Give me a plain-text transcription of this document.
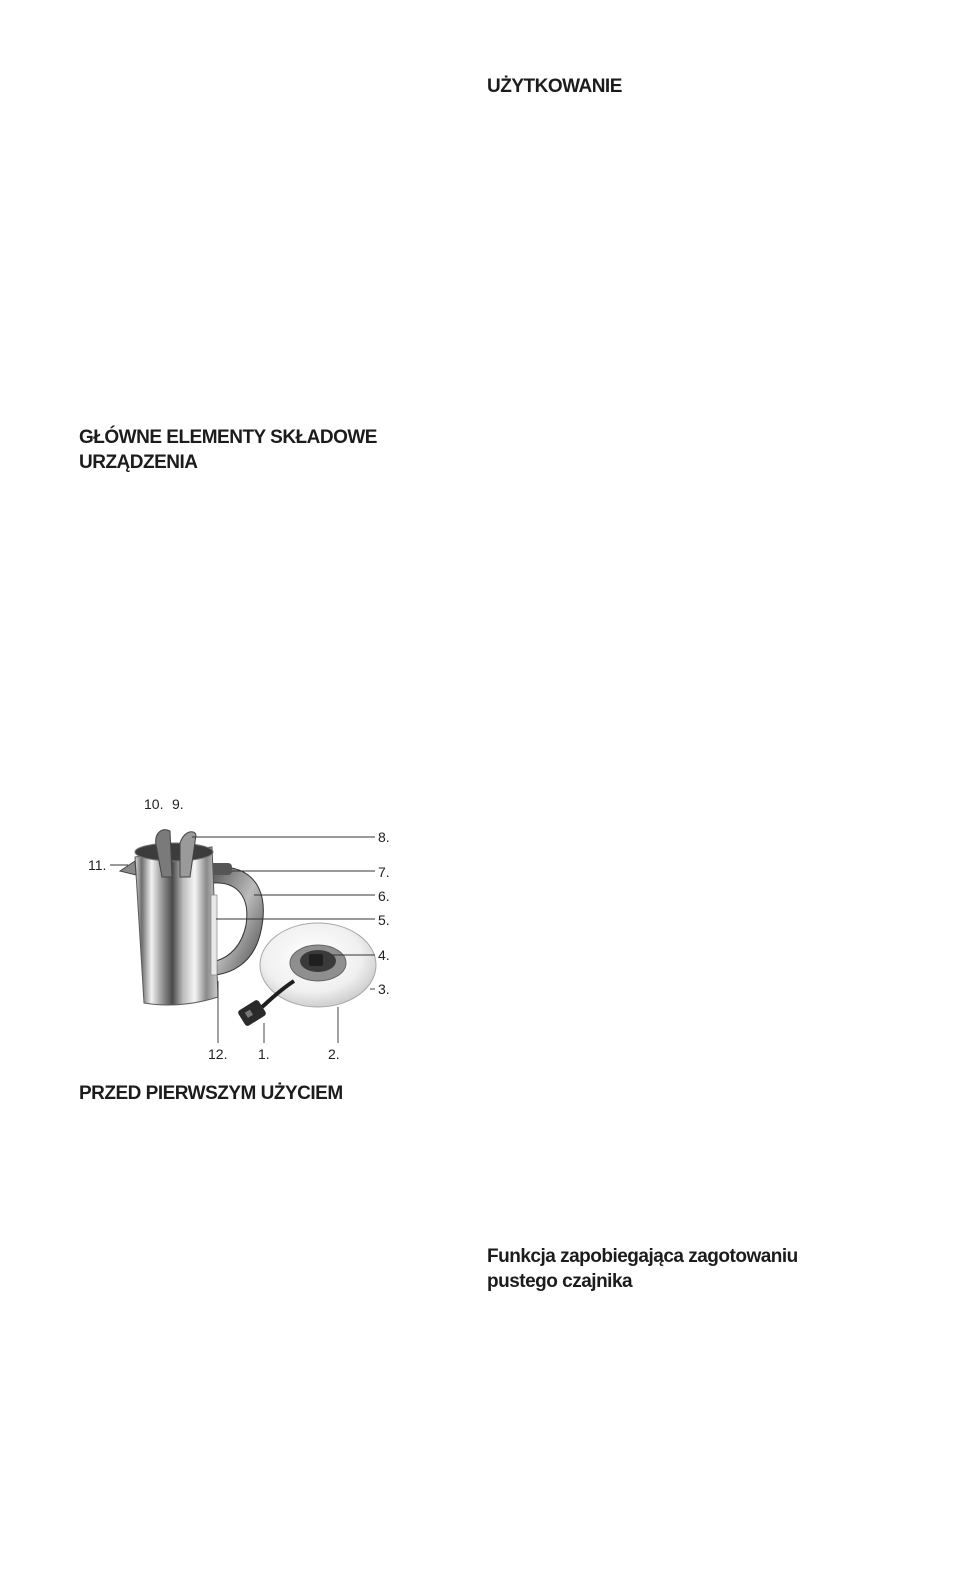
UŻYTKOWANIE
GŁÓWNE ELEMENTY SKŁADOWE
URZĄDZENIA
10. 9.
8.
11.	7.
6.
5.
4.
3.
12. 1.	2.
PRZED PIERWSZYM UŻYCIEM
Funkcja zapobiegająca zagotowaniu
pustego czajnika
